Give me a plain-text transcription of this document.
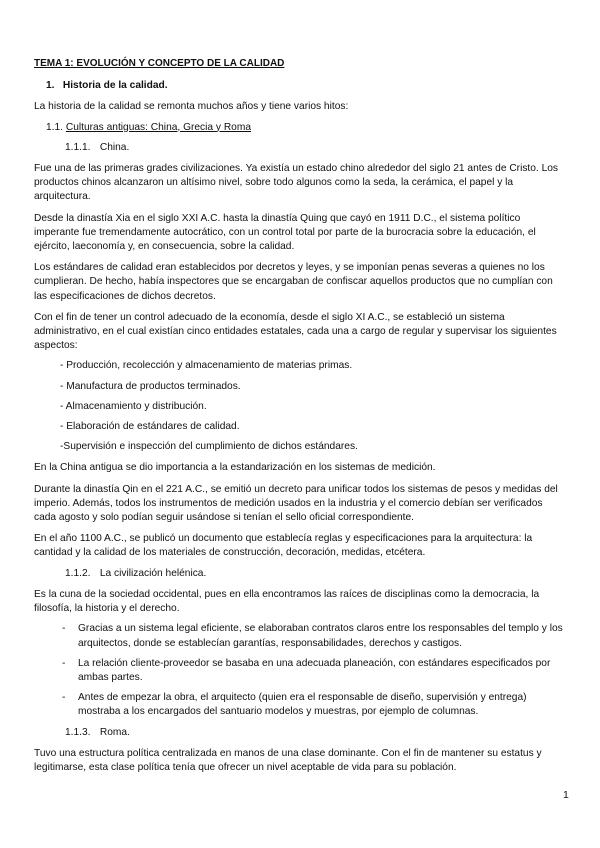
TEMA 1: EVOLUCIÓN Y CONCEPTO DE LA CALIDAD
1. Historia de la calidad.
La historia de la calidad se remonta muchos años y tiene varios hitos:
1.1. Culturas antiguas: China, Grecia y Roma
1.1.1. China.
Fue una de las primeras grades civilizaciones. Ya existía un estado chino alrededor del siglo 21 antes de Cristo. Los productos chinos alcanzaron un altísimo nivel, sobre todo algunos como la seda, la cerámica, el papel y la arquitectura.
Desde la dinastía Xia en el siglo XXI A.C. hasta la dinastía Quing que cayó en 1911 D.C., el sistema político imperante fue tremendamente autocrático, con un control total por parte de la burocracia sobre la educación, el ejército, laeconomía y, en consecuencia, sobre la calidad.
Los estándares de calidad eran establecidos por decretos y leyes, y se imponían penas severas a quienes no los cumplieran. De hecho, había inspectores que se encargaban de confiscar aquellos productos que no cumplían con las especificaciones de dichos decretos.
Con el fin de tener un control adecuado de la economía, desde el siglo XI A.C., se estableció un sistema administrativo, en el cual existían cinco entidades estatales, cada una a cargo de regular y supervisar los siguientes aspectos:
- Producción, recolección y almacenamiento de materias primas.
- Manufactura de productos terminados.
- Almacenamiento y distribución.
- Elaboración de estándares de calidad.
-Supervisión e inspección del cumplimiento de dichos estándares.
En la China antigua se dio importancia a la estandarización en los sistemas de medición.
Durante la dinastía Qin en el 221 A.C., se emitió un decreto para unificar todos los sistemas de pesos y medidas del imperio. Además, todos los instrumentos de medición usados en la industria y el comercio debían ser verificados cada agosto y solo podían seguir usándose si tenían el sello oficial correspondiente.
En el año 1100 A.C., se publicó un documento que establecía reglas y especificaciones para la arquitectura: la cantidad y la calidad de los materiales de construcción, decoración, medidas, etcétera.
1.1.2. La civilización helénica.
Es la cuna de la sociedad occidental, pues en ella encontramos las raíces de disciplinas como la democracia, la filosofía, la historia y el derecho.
- Gracias a un sistema legal eficiente, se elaboraban contratos claros entre los responsables del templo y los arquitectos, donde se establecían garantías, responsabilidades, derechos y castigos.
- La relación cliente-proveedor se basaba en una adecuada planeación, con estándares especificados por ambas partes.
- Antes de empezar la obra, el arquitecto (quien era el responsable de diseño, supervisión y entrega) mostraba a los encargados del santuario modelos y muestras, por ejemplo de columnas.
1.1.3. Roma.
Tuvo una estructura política centralizada en manos de una clase dominante. Con el fin de mantener su estatus y legitimarse, esta clase política tenía que ofrecer un nivel aceptable de vida para su población.
1
